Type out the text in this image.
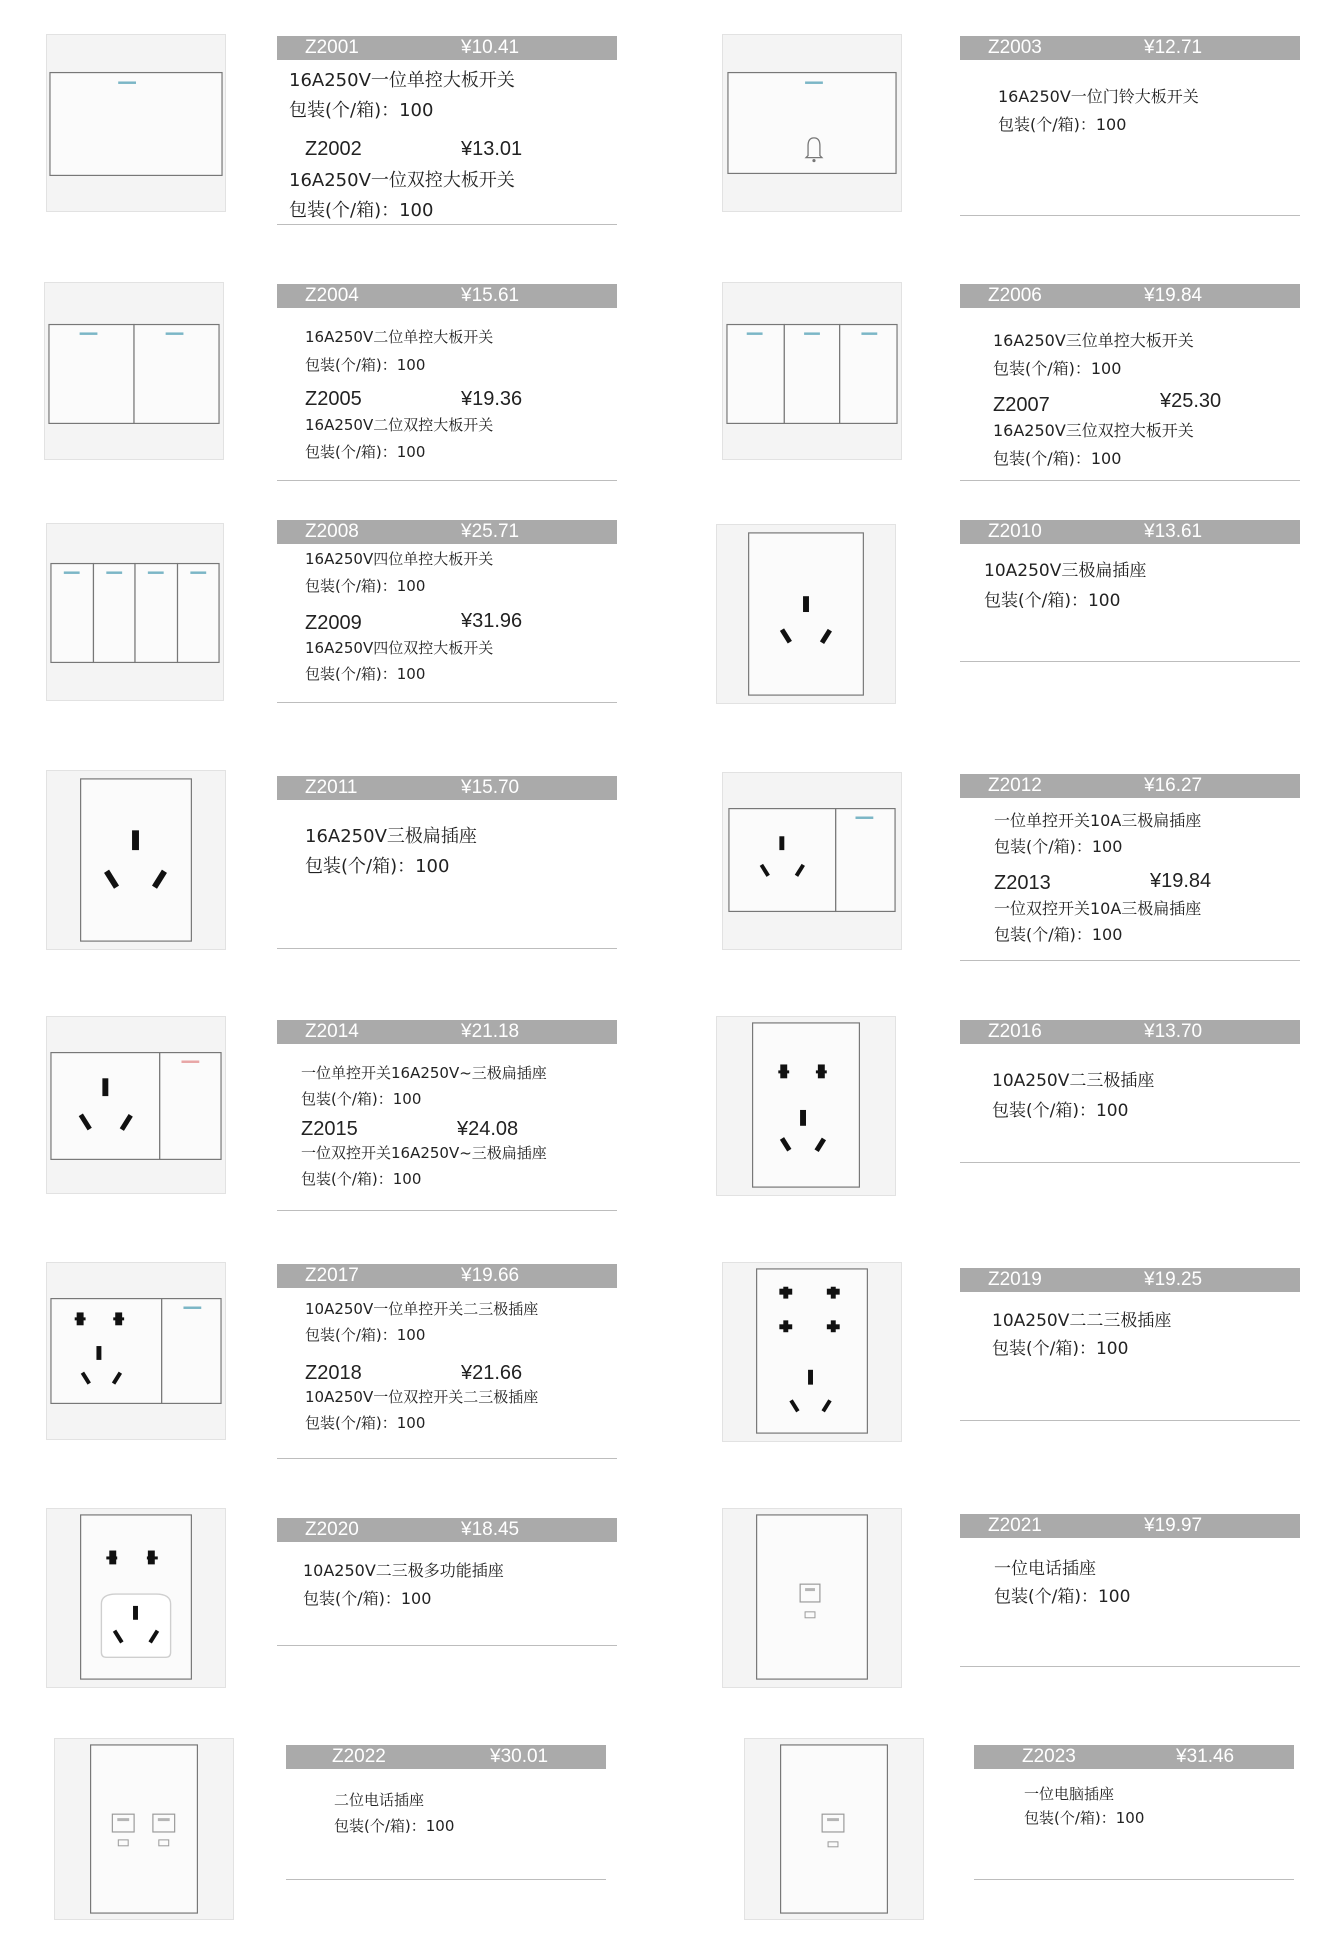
Z2001	¥10.41
16A250V一位单控大板开关
包装(个/箱)：100
Z2002	¥13.01
16A250V一位双控大板开关
包装(个/箱)：100
Z2003	¥12.71
16A250V一位门铃大板开关
包装(个/箱)：100
Z2004	¥15.61
16A250V二位单控大板开关
包装(个/箱)：100
Z2005	¥19.36
16A250V二位双控大板开关
包装(个/箱)：100
Z2006	¥19.84
16A250V三位单控大板开关
包装(个/箱)：100
Z2007	¥25.30
16A250V三位双控大板开关
包装(个/箱)：100
Z2008	¥25.71
16A250V四位单控大板开关
包装(个/箱)：100
Z2009	¥31.96
16A250V四位双控大板开关
包装(个/箱)：100
Z2010	¥13.61
10A250V三极扁插座
包装(个/箱)：100
Z2011	¥15.70
16A250V三极扁插座
包装(个/箱)：100
Z2012	¥16.27
一位单控开关10A三极扁插座
包装(个/箱)：100
Z2013	¥19.84
一位双控开关10A三极扁插座
包装(个/箱)：100
Z2014	¥21.18
一位单控开关16A250V~三极扁插座
包装(个/箱)：100
Z2015	¥24.08
一位双控开关16A250V~三极扁插座
包装(个/箱)：100
Z2016	¥13.70
10A250V二三极插座
包装(个/箱)：100
Z2017	¥19.66
10A250V一位单控开关二三极插座
包装(个/箱)：100
Z2018	¥21.66
10A250V一位双控开关二三极插座
包装(个/箱)：100
Z2019	¥19.25
10A250V二二三极插座
包装(个/箱)：100
Z2020	¥18.45
10A250V二三极多功能插座
包装(个/箱)：100
Z2021	¥19.97
一位电话插座
包装(个/箱)：100
Z2022	¥30.01
二位电话插座
包装(个/箱)：100
Z2023	¥31.46
一位电脑插座
包装(个/箱)：100
